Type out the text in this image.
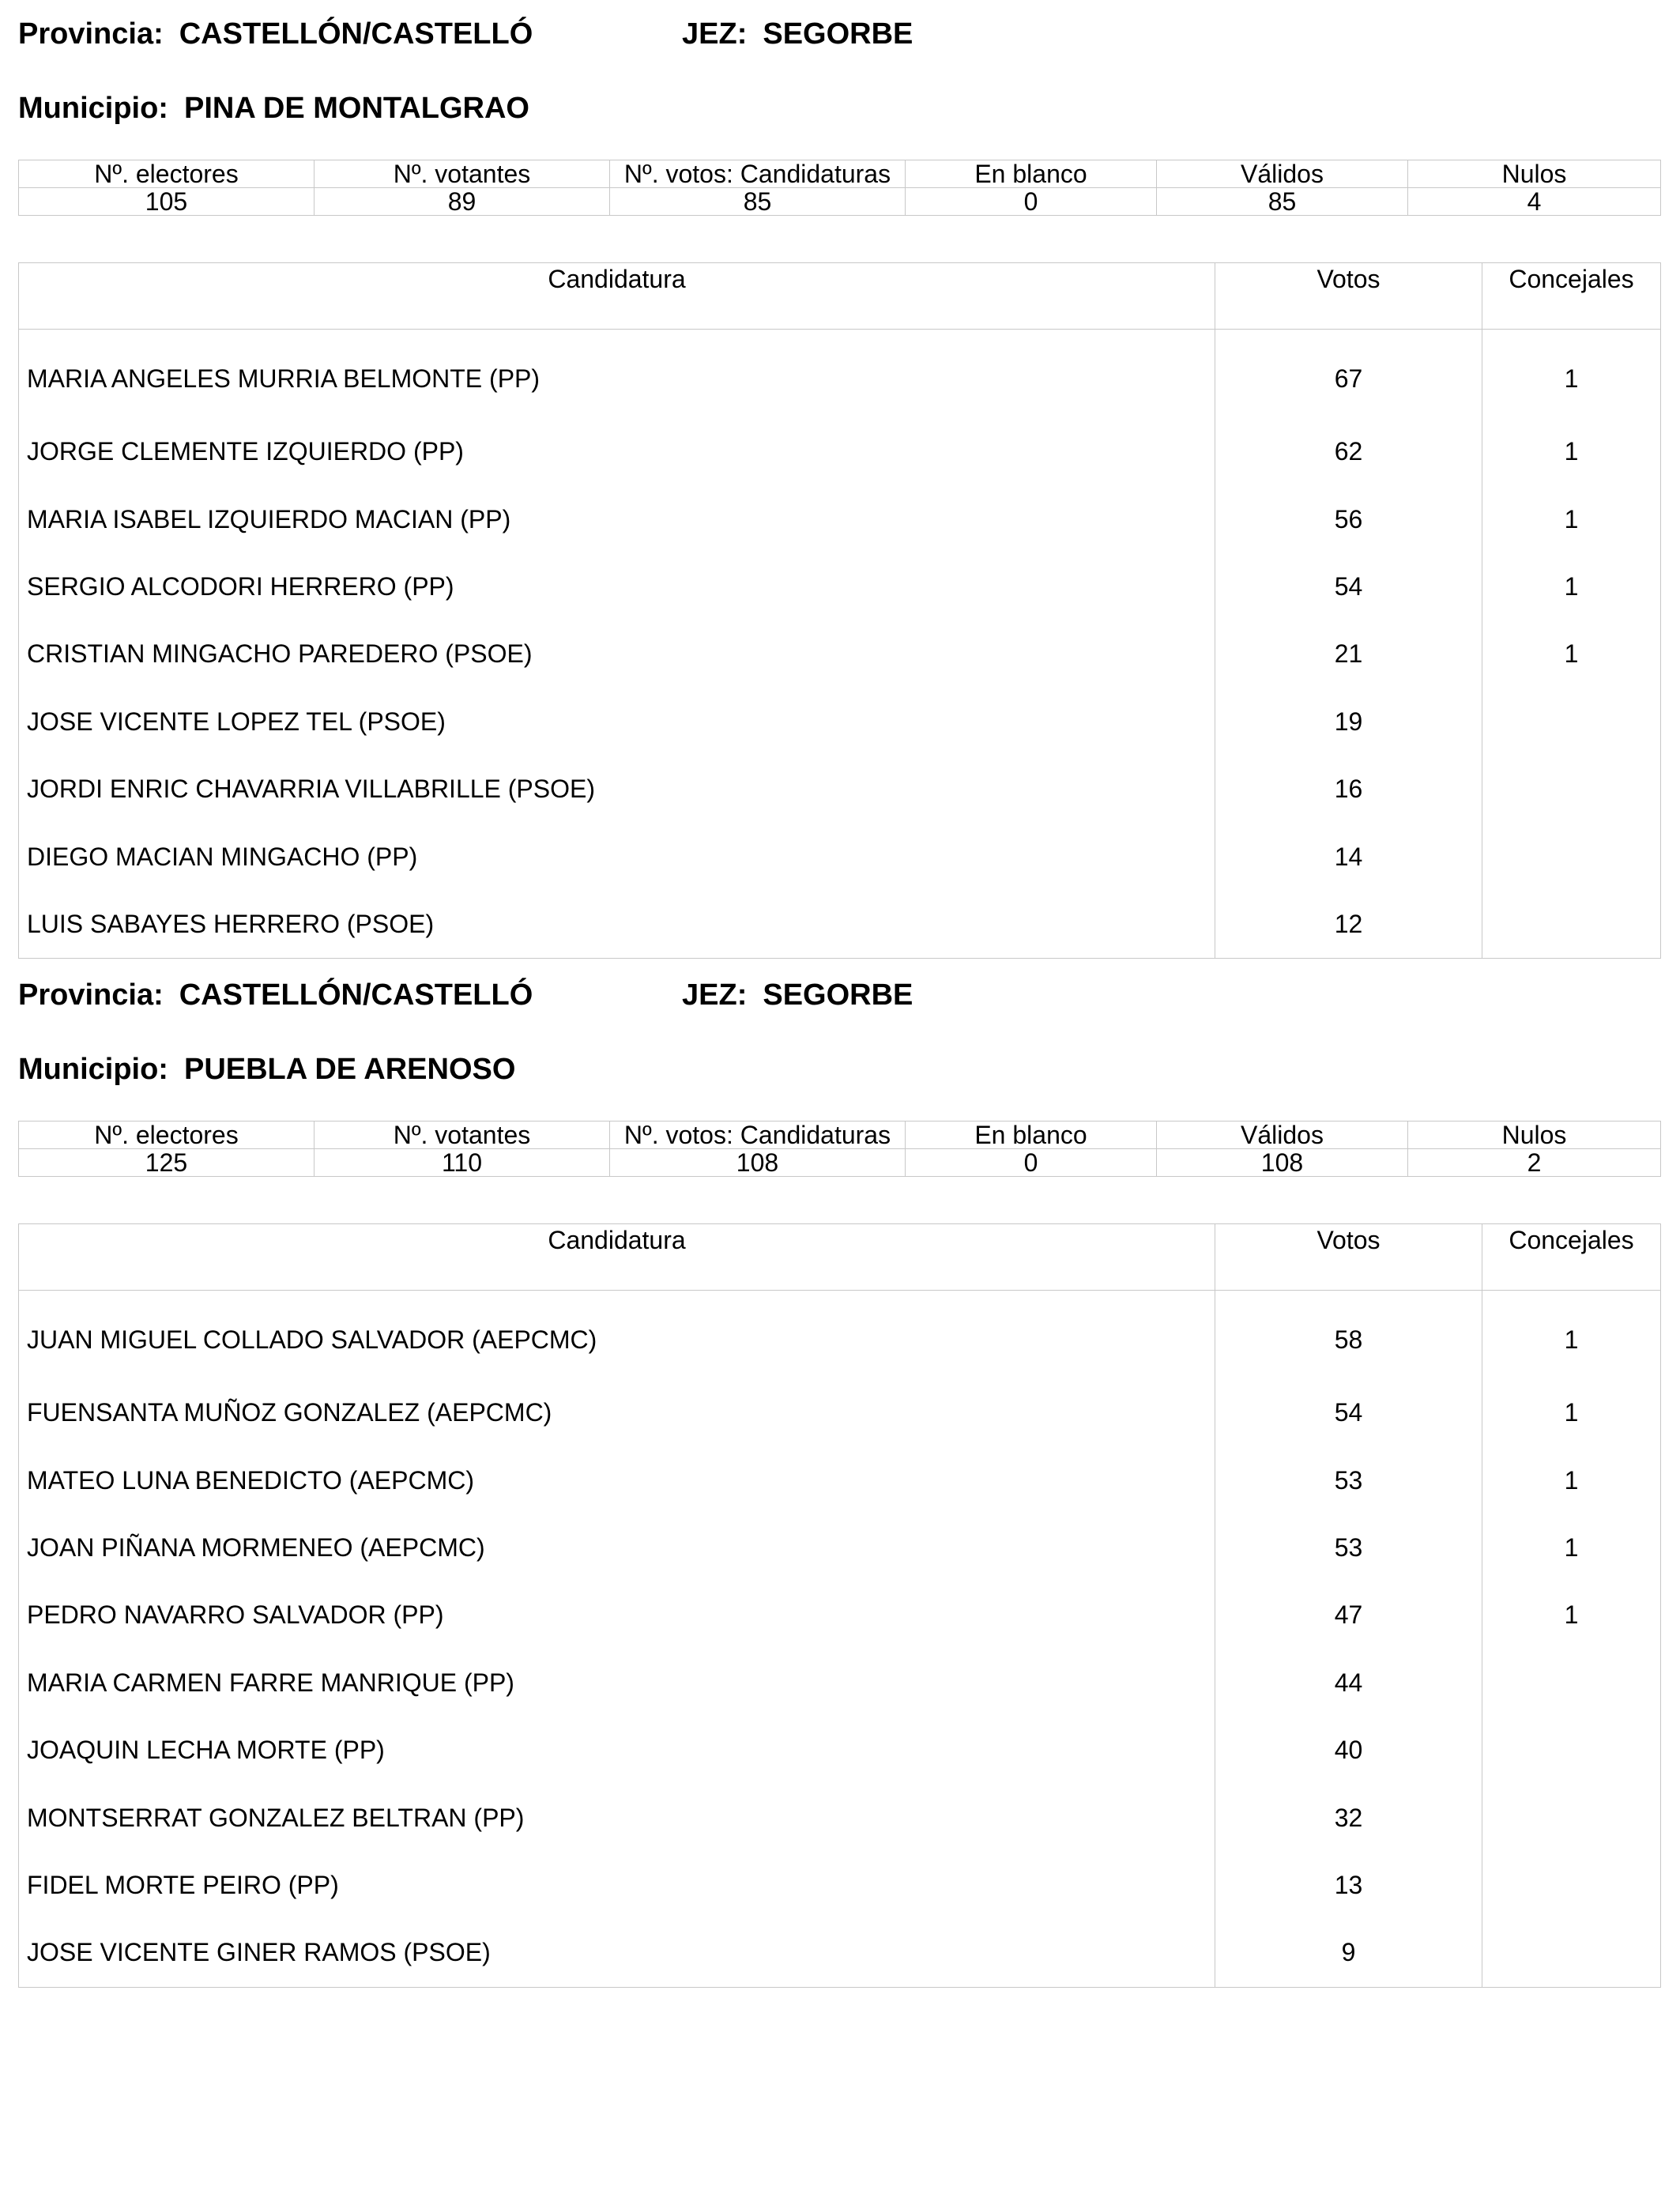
Provincia: CASTELLÓN/CASTELLÓ	JEZ: SEGORBE
Municipio: PINA DE MONTALGRAO
Nº. electores	Nº. votantes	Nº. votos: Candidaturas	En blanco	Válidos	Nulos
105	89	85	0	85	4
Candidatura	Votos	Concejales
MARIA ANGELES MURRIA BELMONTE (PP)	67	1
JORGE CLEMENTE IZQUIERDO (PP)	62	1
MARIA ISABEL IZQUIERDO MACIAN (PP)	56	1
SERGIO ALCODORI HERRERO (PP)	54	1
CRISTIAN MINGACHO PAREDERO (PSOE)	21	1
JOSE VICENTE LOPEZ TEL (PSOE)	19	
JORDI ENRIC CHAVARRIA VILLABRILLE (PSOE)	16	
DIEGO MACIAN MINGACHO (PP)	14	
LUIS SABAYES HERRERO (PSOE)	12	
Provincia: CASTELLÓN/CASTELLÓ	JEZ: SEGORBE
Municipio: PUEBLA DE ARENOSO
Nº. electores	Nº. votantes	Nº. votos: Candidaturas	En blanco	Válidos	Nulos
125	110	108	0	108	2
Candidatura	Votos	Concejales
JUAN MIGUEL COLLADO SALVADOR (AEPCMC)	58	1
FUENSANTA MUÑOZ GONZALEZ (AEPCMC)	54	1
MATEO LUNA BENEDICTO (AEPCMC)	53	1
JOAN PIÑANA MORMENEO (AEPCMC)	53	1
PEDRO NAVARRO SALVADOR (PP)	47	1
MARIA CARMEN FARRE MANRIQUE (PP)	44	
JOAQUIN LECHA MORTE (PP)	40	
MONTSERRAT GONZALEZ BELTRAN (PP)	32	
FIDEL MORTE PEIRO (PP)	13	
JOSE VICENTE GINER RAMOS (PSOE)	9	
